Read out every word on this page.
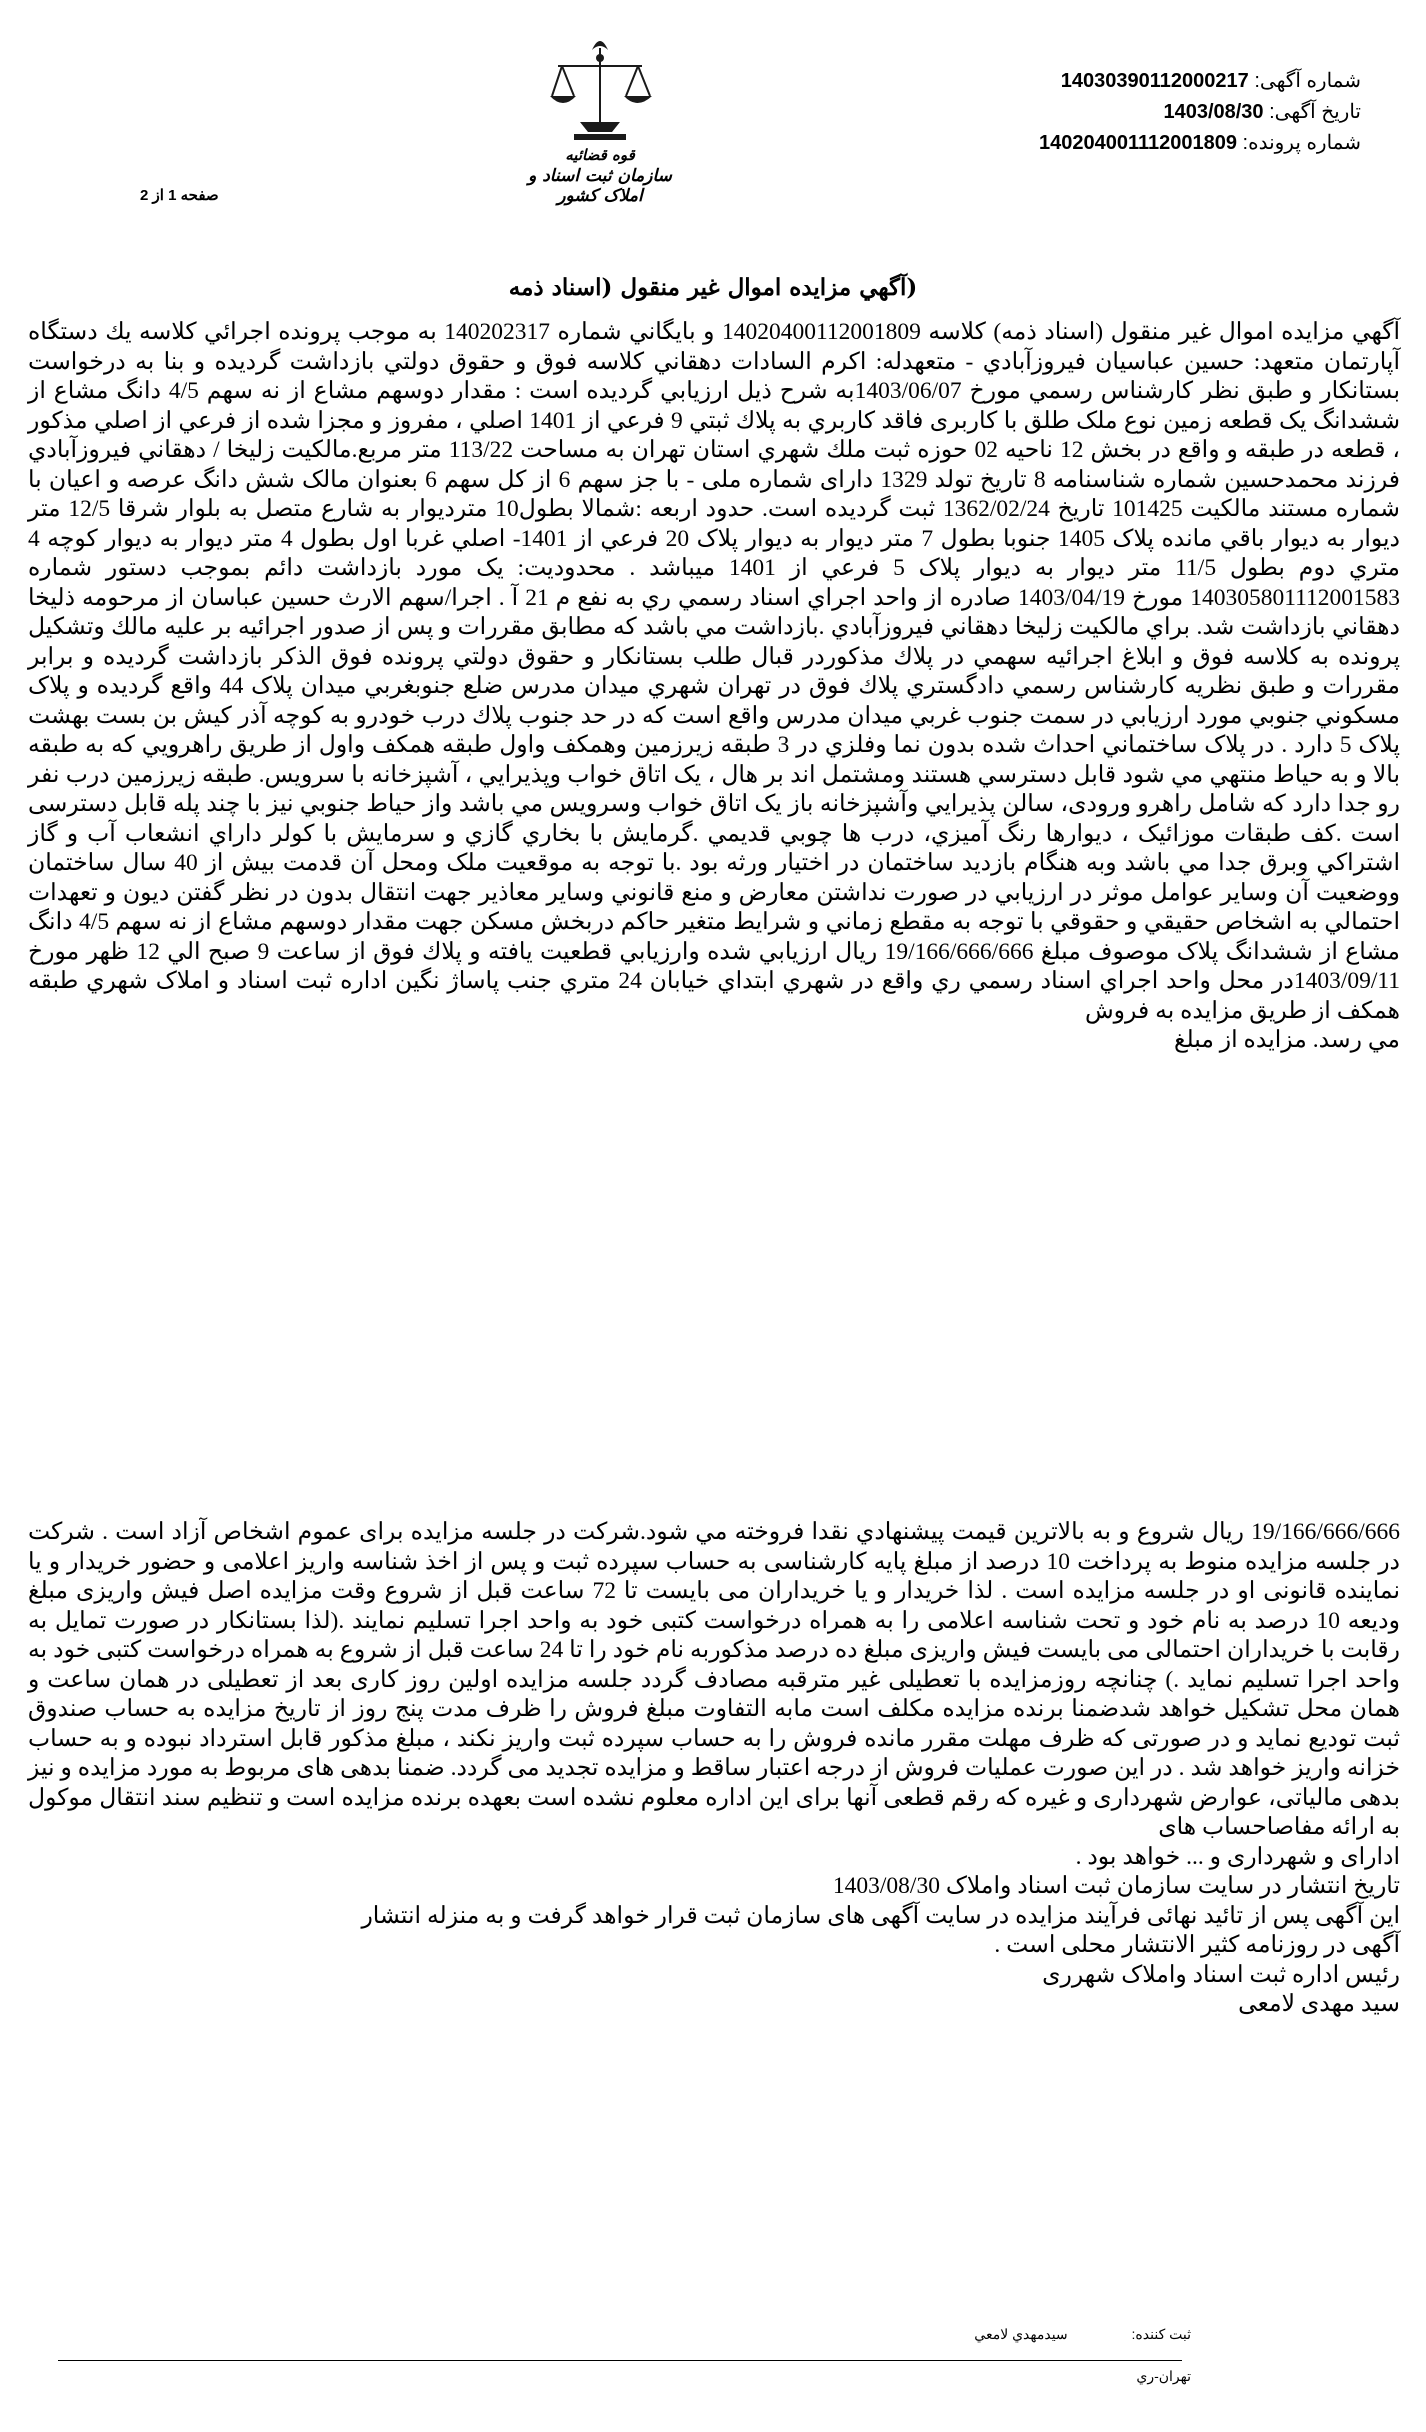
قوه قضائیه
سازمان ثبت اسناد و املاک کشور
شماره آگهی: 14030390112000217
تاریخ آگهی: 1403/08/30
شماره پرونده: 140204001112001809
صفحه 1 از 2
(آگهي مزايده اموال غير منقول (اسناد ذمه

آگهي مزايده اموال غير منقول (اسناد ذمه) كلاسه 14020400112001809 و بايگاني شماره 140202317 به موجب پرونده اجرائي كلاسه يك دستگاه آپارتمان متعهد: حسين عباسيان فيروزآبادي - متعهدله: اكرم السادات دهقاني كلاسه فوق و حقوق دولتي بازداشت گرديده و بنا به درخواست بستانكار و طبق نظر كارشناس رسمي مورخ 1403/06/07به شرح ذيل ارزيابي گرديده است : مقدار دوسهم مشاع از نه سهم 4/5 دانگ مشاع از ششدانگ يک قطعه زمين نوع ملک طلق با کاربری فاقد کاربري به پلاك ثبتي 9 فرعي از 1401 اصلي ، مفروز و مجزا شده از فرعي از اصلي مذكور ، قطعه در طبقه و واقع در بخش 12 ناحيه 02 حوزه ثبت ملك شهري استان تهران به مساحت 113/22 متر مربع.مالكيت زليخا / دهقاني فيروزآبادي فرزند محمدحسين شماره شناسنامه 8 تاريخ تولد 1329 دارای شماره ملی - با جز سهم 6 از كل سهم 6 بعنوان مالک شش دانگ عرصه و اعيان با شماره مستند مالكيت 101425 تاريخ 1362/02/24 ثبت گرديده است. حدود اربعه :شمالا بطول10 مترديوار به شارع متصل به بلوار شرقا 12/5 متر ديوار به ديوار باقي مانده پلاک 1405 جنوبا بطول 7 متر ديوار به ديوار پلاک 20 فرعي از 1401- اصلي غربا اول بطول 4 متر ديوار به ديوار کوچه 4 متري دوم بطول 11/5 متر ديوار به ديوار پلاک 5 فرعي از 1401 ميباشد . محدوديت: يک مورد بازداشت دائم بموجب دستور شماره 140305801112001583 مورخ 1403/04/19 صادره از واحد اجراي اسناد رسمي ري به نفع م 21 آ . اجرا/سهم الارث حسين عباسان از مرحومه ذليخا دهقاني بازداشت شد. براي مالکيت زليخا دهقاني فيروزآبادي .بازداشت مي باشد كه مطابق مقررات و پس از صدور اجرائيه بر عليه مالك وتشكيل پرونده به كلاسه فوق و ابلاغ اجرائيه سهمي در پلاك مذكوردر قبال طلب بستانكار و حقوق دولتي پرونده فوق الذكر بازداشت گرديده و برابر مقررات و طبق نظريه كارشناس رسمي دادگستري پلاك فوق در تهران شهري ميدان مدرس ضلع جنوبغربي ميدان پلاک 44 واقع گرديده و پلاک مسكوني جنوبي مورد ارزيابي در سمت جنوب غربي ميدان مدرس واقع است كه در حد جنوب پلاك درب خودرو به كوچه آذر كيش بن بست بهشت پلاک 5 دارد . در پلاک ساختماني احداث شده بدون نما وفلزي در 3 طبقه زيرزمين وهمكف واول طبقه همكف واول از طريق راهرويي كه به طبقه بالا و به حياط منتهي مي شود قابل دسترسي هستند ومشتمل اند بر هال ، يک اتاق خواب وپذيرايي ، آشپزخانه با سرويس. طبقه زيرزمين درب نفر رو جدا دارد كه شامل راهرو ورودی، سالن پذيرايي وآشپزخانه باز يک اتاق خواب وسرويس مي باشد واز حياط جنوبي نيز با چند پله قابل دسترسی است .کف طبقات موزائيک ، ديوارها رنگ آميزي، درب ها چوبي قديمي .گرمايش با بخاري گازي و سرمايش با كولر داراي انشعاب آب و گاز اشتراكي وبرق جدا مي باشد وبه هنگام بازديد ساختمان در اختيار ورثه بود .با توجه به موقعيت ملک ومحل آن قدمت بيش از 40 سال ساختمان ووضعيت آن وساير عوامل موثر در ارزيابي در صورت نداشتن معارض و منع قانوني وساير معاذير جهت انتقال بدون در نظر گفتن ديون و تعهدات احتمالي به اشخاص حقيقي و حقوقي با توجه به مقطع زماني و شرايط متغير حاكم دربخش مسكن جهت مقدار دوسهم مشاع از نه سهم 4/5 دانگ مشاع از ششدانگ پلاک موصوف مبلغ 19/166/666/666 ريال ارزيابي شده وارزيابي قطعيت يافته و پلاك فوق از ساعت 9 صبح الي 12 ظهر مورخ 1403/09/11در محل واحد اجراي اسناد رسمي ري واقع در شهري ابتداي خيابان 24 متري جنب پاساژ نگين اداره ثبت اسناد و املاک شهري طبقه همكف از طريق مزايده به فروش

مي رسد. مزايده از مبلغ

19/166/666/666 ريال شروع و به بالاترين قيمت پيشنهادي نقدا فروخته مي شود.شرکت در جلسه مزايده برای عموم اشخاص آزاد است . شرکت در جلسه مزايده منوط به پرداخت 10 درصد از مبلغ پايه کارشناسی به حساب سپرده ثبت و پس از اخذ شناسه واريز اعلامی و حضور خريدار و يا نماينده قانونی او در جلسه مزايده است . لذا خريدار و يا خريداران می بايست تا 72 ساعت قبل از شروع وقت مزايده اصل فيش واريزی مبلغ وديعه 10 درصد به نام خود و تحت شناسه اعلامی را به همراه درخواست کتبی خود به واحد اجرا تسليم نمايند .(لذا بستانکار در صورت تمايل به رقابت با خريداران احتمالی می بايست فيش واريزی مبلغ ده درصد مذکوربه نام خود را تا 24 ساعت قبل از شروع به همراه درخواست کتبی خود به واحد اجرا تسليم نمايد .) چنانچه روزمزايده با تعطيلی غير مترقبه مصادف گردد جلسه مزايده اولين روز کاری بعد از تعطيلی در همان ساعت و همان محل تشکيل خواهد شدضمنا برنده مزايده مکلف است مابه التفاوت مبلغ فروش را ظرف مدت پنج روز از تاريخ مزايده به حساب صندوق ثبت توديع نمايد و در صورتی که ظرف مهلت مقرر مانده فروش را به حساب سپرده ثبت واريز نکند ، مبلغ مذکور قابل استرداد نبوده و به حساب خزانه واريز خواهد شد . در اين صورت عمليات فروش از درجه اعتبار ساقط و مزايده تجديد می گردد. ضمنا بدهی های مربوط به مورد مزايده و نيز بدهی مالياتی، عوارض شهرداری و غيره که رقم قطعی آنها برای اين اداره معلوم نشده است بعهده برنده مزايده است و تنظيم سند انتقال موکول به ارائه مفاصاحساب های

ادارای و شهرداری و ... خواهد بود .

تاريخ انتشار در سايت سازمان ثبت اسناد واملاک 1403/08/30

اين آگهی پس از تائيد نهائی فرآيند مزايده در سايت آگهی های سازمان ثبت قرار خواهد گرفت و به منزله انتشار

آگهی در روزنامه کثير الانتشار محلی است .

رئيس اداره ثبت اسناد واملاک شهرری

سيد مهدی لامعی

ثبت کننده: سيدمهدي لامعي
تهران-ري
